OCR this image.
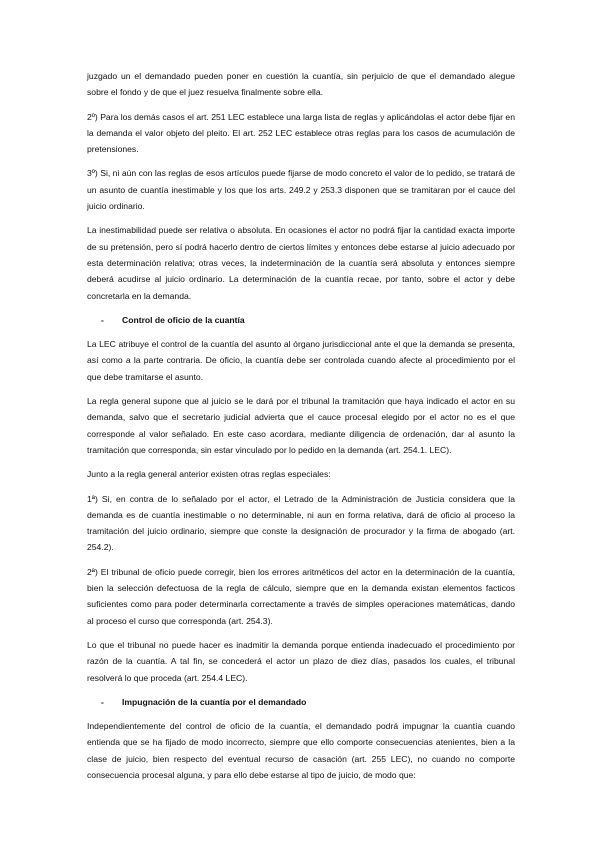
juzgado un el demandado pueden poner en cuestión la cuantía, sin perjuicio de que el demandado alegue sobre el fondo y de que el juez resuelva finalmente sobre ella.

2º) Para los demás casos el art. 251 LEC establece una larga lista de reglas y aplicándolas el actor debe fijar en la demanda el valor objeto del pleito. El art. 252 LEC establece otras reglas para los casos de acumulación de pretensiones.

3º) Si, ni aún con las reglas de esos artículos puede fijarse de modo concreto el valor de lo pedido, se tratará de un asunto de cuantía inestimable y los que los arts. 249.2 y 253.3 disponen que se tramitaran por el cauce del juicio ordinario.

La inestimabilidad puede ser relativa o absoluta. En ocasiones el actor no podrá fijar la cantidad exacta importe de su pretensión, pero sí podrá hacerlo dentro de ciertos límites y entonces debe estarse al juicio adecuado por esta determinación relativa; otras veces, la indeterminación de la cuantía será absoluta y entonces siempre deberá acudirse al juicio ordinario. La determinación de la cuantía recae, por tanto, sobre el actor y debe concretarla en la demanda.

-	Control de oficio de la cuantía

La LEC atribuye el control de la cuantía del asunto al órgano jurisdiccional ante el que la demanda se presenta, así como a la parte contraria. De oficio, la cuantía debe ser controlada cuando afecte al procedimiento por el que debe tramitarse el asunto.

La regla general supone que al juicio se le dará por el tribunal la tramitación que haya indicado el actor en su demanda, salvo que el secretario judicial advierta que el cauce procesal elegido por el actor no es el que corresponde al valor señalado. En este caso acordara, mediante diligencia de ordenación, dar al asunto la tramitación que corresponda, sin estar vinculado por lo pedido en la demanda (art. 254.1. LEC).

Junto a la regla general anterior existen otras reglas especiales:

1ª) Si, en contra de lo señalado por el actor, el Letrado de la Administración de Justicia considera que la demanda es de cuantía inestimable o no determinable, ni aun en forma relativa, dará de oficio al proceso la tramitación del juicio ordinario, siempre que conste la designación de procurador y la firma de abogado (art. 254.2).

2ª) El tribunal de oficio puede corregir, bien los errores aritméticos del actor en la determinación de la cuantía, bien la selección defectuosa de la regla de cálculo, siempre que en la demanda existan elementos facticos suficientes como para poder determinarla correctamente a través de simples operaciones matemáticas, dando al proceso el curso que corresponda (art. 254.3).

Lo que el tribunal no puede hacer es inadmitir la demanda porque entienda inadecuado el procedimiento por razón de la cuantía. A tal fin, se concederá el actor un plazo de diez días, pasados los cuales, el tribunal resolverá lo que proceda (art. 254.4 LEC).

-	Impugnación de la cuantía por el demandado

Independientemente del control de oficio de la cuantía, el demandado podrá impugnar la cuantía cuando entienda que se ha fijado de modo incorrecto, siempre que ello comporte consecuencias atenientes, bien a la clase de juicio, bien respecto del eventual recurso de casación (art. 255 LEC), no cuando no comporte consecuencia procesal alguna, y para ello debe estarse al tipo de juicio, de modo que:
